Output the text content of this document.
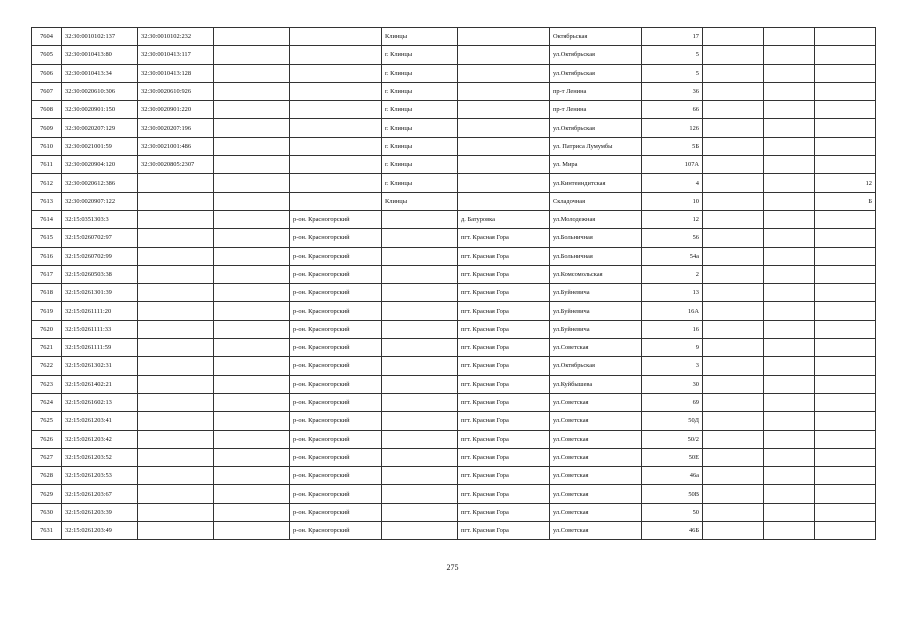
7604	32:30:0010102:137	32:30:0010102:232			Клинцы		Октябрьская	17			
7605	32:30:0010413:80	32:30:0010413:117			г. Клинцы		ул.Октябрьская	5			
7606	32:30:0010413:34	32:30:0010413:128			г. Клинцы		ул.Октябрьская	5			
7607	32:30:0020610:306	32:30:0020610:926			г. Клинцы		пр-т Ленина	36			
7608	32:30:0020901:150	32:30:0020901:220			г. Клинцы		пр-т Ленина	66			
7609	32:30:0020207:129	32:30:0020207:196			г. Клинцы		ул.Октябрьская	126			
7610	32:30:0021001:59	32:30:0021001:486			г. Клинцы		ул. Патриса Лумумбы	5Б			
7611	32:30:0020904:120	32:30:0020805:2307			г. Клинцы		ул. Мира	107А			
7612	32:30:0020612:386				г. Клинцы		ул.Кинтеиндитская	4			12
7613	32:30:0020907:122				Клинцы		Складочная	10			Б
7614	32:15:0351303:3			р-он. Красногорский		д. Батуровка	ул.Молодежная	12			
7615	32:15:0260702:97			р-он. Красногорский		пгт. Красная Гора	ул.Больничная	56			
7616	32:15:0260702:99			р-он. Красногорский		пгт. Красная Гора	ул.Больничная	54а			
7617	32:15:0260503:38			р-он. Красногорский		пгт. Красная Гора	ул.Комсомольская	2			
7618	32:15:0261301:39			р-он. Красногорский		пгт. Красная Гора	ул.Буйневича	13			
7619	32:15:0261111:20			р-он. Красногорский		пгт. Красная Гора	ул.Буйневича	16А			
7620	32:15:0261111:33			р-он. Красногорский		пгт. Красная Гора	ул.Буйневича	16			
7621	32:15:0261111:59			р-он. Красногорский		пгт. Красная Гора	ул.Советская	9			
7622	32:15:0261302:31			р-он. Красногорский		пгт. Красная Гора	ул.Октябрьская	3			
7623	32:15:0261402:21			р-он. Красногорский		пгт. Красная Гора	ул.Куйбышева	30			
7624	32:15:0261602:13			р-он. Красногорский		пгт. Красная Гора	ул.Советская	69			
7625	32:15:0261203:41			р-он. Красногорский		пгт. Красная Гора	ул.Советская	50Д			
7626	32:15:0261203:42			р-он. Красногорский		пгт. Красная Гора	ул.Советская	50/2			
7627	32:15:0261203:52			р-он. Красногорский		пгт. Красная Гора	ул.Советская	50Е			
7628	32:15:0261203:53			р-он. Красногорский		пгт. Красная Гора	ул.Советская	46а			
7629	32:15:0261203:67			р-он. Красногорский		пгт. Красная Гора	ул.Советская	50В			
7630	32:15:0261203:39			р-он. Красногорский		пгт. Красная Гора	ул.Советская	50			
7631	32:15:0261203:49			р-он. Красногорский		пгт. Красная Гора	ул.Советская	46Б			
275
